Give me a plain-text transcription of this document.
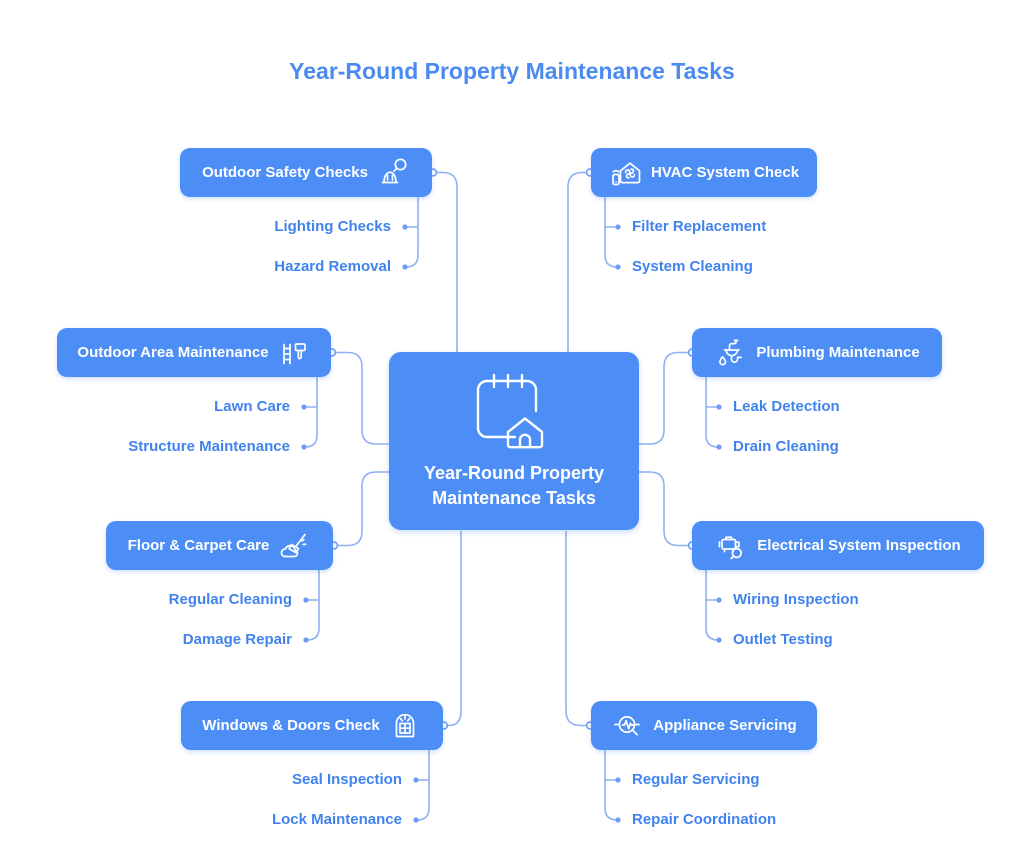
Year-Round Property Maintenance Tasks
Year-Round Property Maintenance Tasks
Outdoor Safety Checks
Outdoor Area Maintenance
Floor & Carpet Care
Windows & Doors Check
HVAC System Check
Plumbing Maintenance
Electrical System Inspection
Appliance Servicing
Lighting Checks
Hazard Removal
Lawn Care
Structure Maintenance
Regular Cleaning
Damage Repair
Seal Inspection
Lock Maintenance
Filter Replacement
System Cleaning
Leak Detection
Drain Cleaning
Wiring Inspection
Outlet Testing
Regular Servicing
Repair Coordination
